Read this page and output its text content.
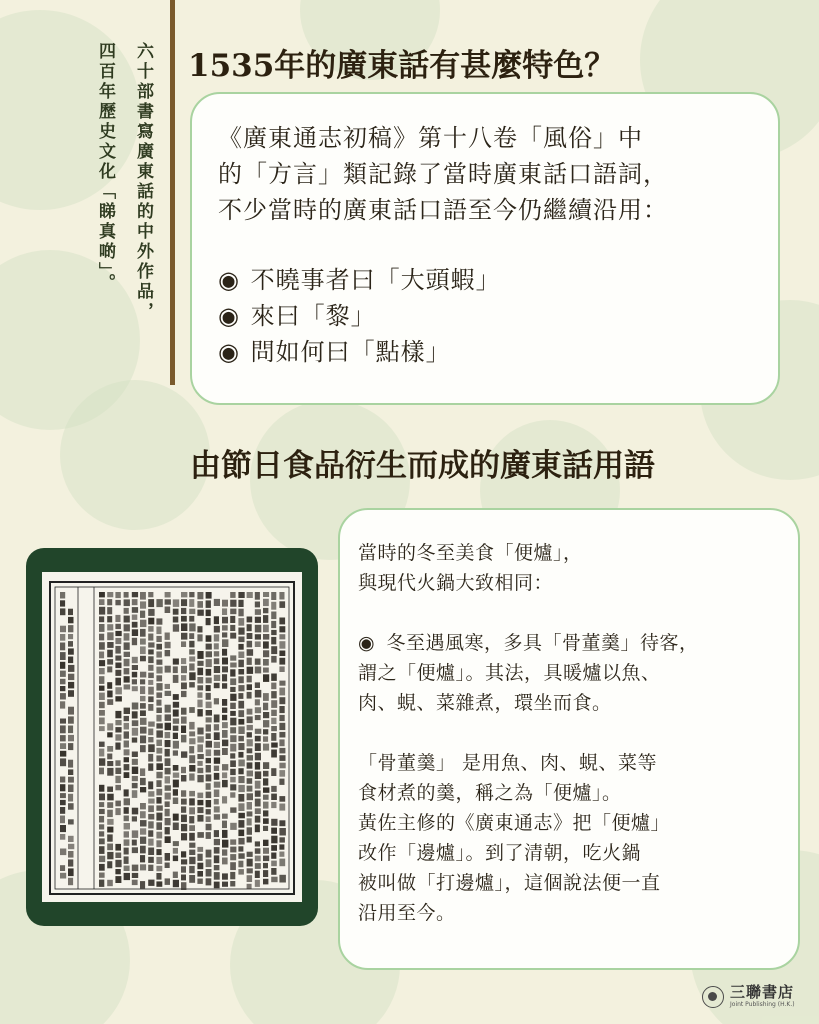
六十部書寫廣東話的中外作品，
四百年歷史文化「睇真啲」。 1535年的廣東話有甚麼特色？
《廣東通志初稿》第十八卷「風俗」中
的「方言」類記錄了當時廣東話口語詞，
不少當時的廣東話口語至今仍繼續沿用：
◉ 不曉事者曰「大頭蝦」
◉ 來曰「黎」
◉ 問如何曰「點樣」
由節日食品衍生而成的廣東話用語
當時的冬至美食「便爐」，
與現代火鍋大致相同：
◉ 冬至遇風寒，多具「骨董羹」待客，
謂之「便爐」。其法，具暖爐以魚、
肉、蜆、菜雜煮，環坐而食。
「骨董羹」 是用魚、肉、蜆、菜等
食材煮的羹，稱之為「便爐」。
黃佐主修的《廣東通志》把「便爐」
改作「邊爐」。到了清朝，吃火鍋
被叫做「打邊爐」，這個說法便一直
沿用至今。
三聯書店
Joint Publishing (H.K.)
